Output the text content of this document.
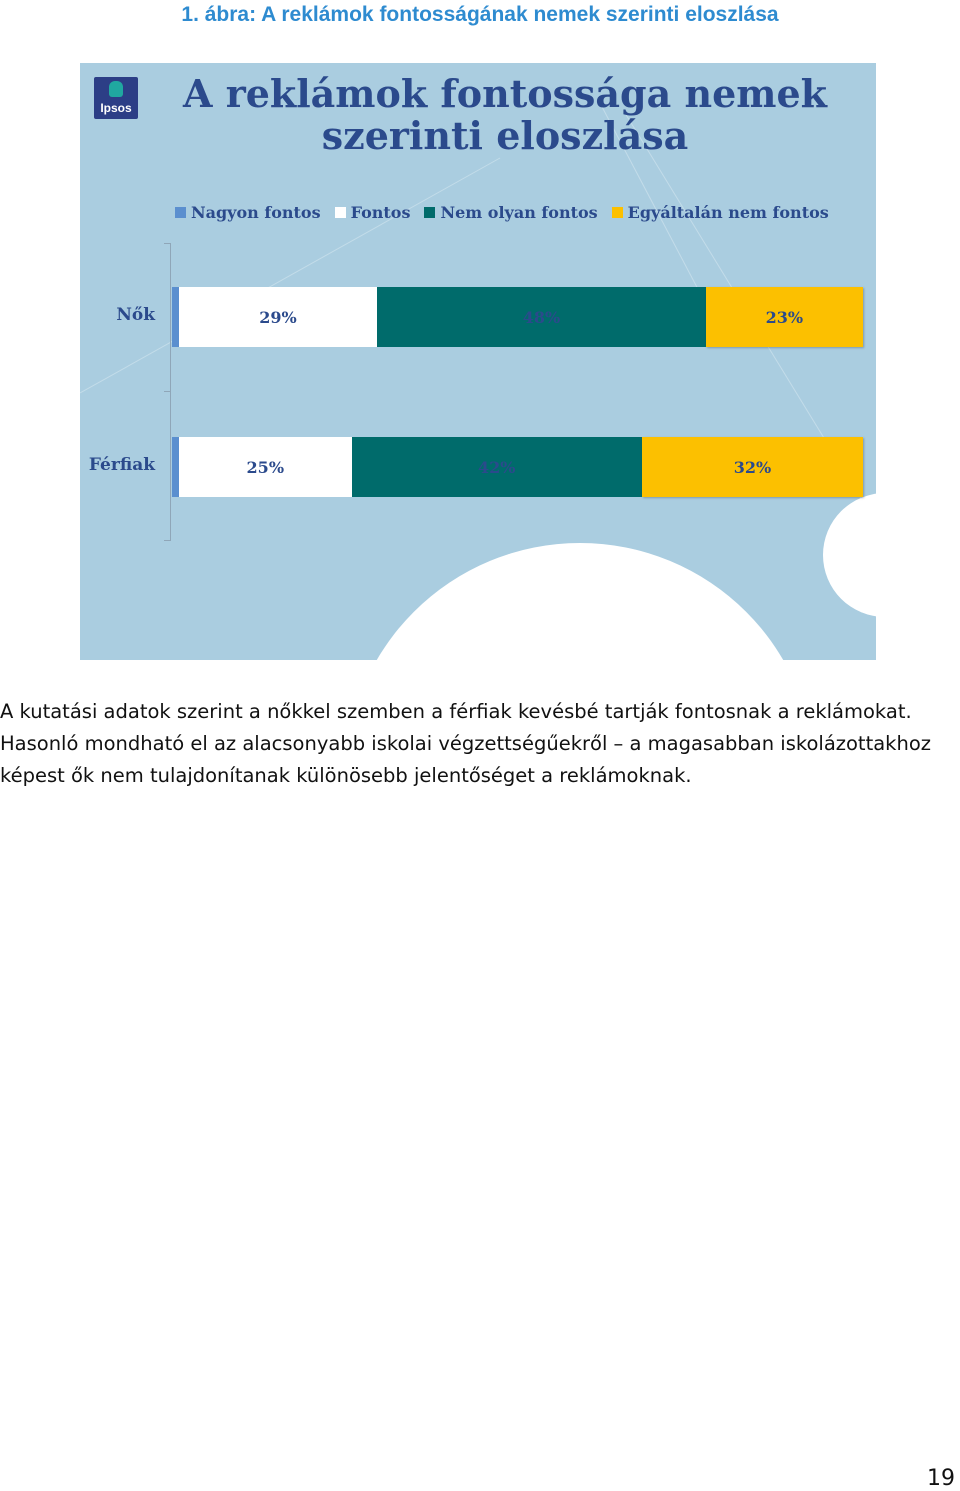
1. ábra: A reklámok fontosságának nemek szerinti eloszlása
Ipsos	A reklámok fontossága nemek szerinti eloszlása
Nagyon fontos Fontos Nem olyan fontos Egyáltalán nem fontos
Nők	29%	48%	23%
Férfiak	25%	42%	32%
A kutatási adatok szerint a nőkkel szemben a férfiak kevésbé tartják fontosnak a reklámokat.
Hasonló mondható el az alacsonyabb iskolai végzettségűekről – a magasabban iskolázottakhoz
képest ők nem tulajdonítanak különösebb jelentőséget a reklámoknak.
19
